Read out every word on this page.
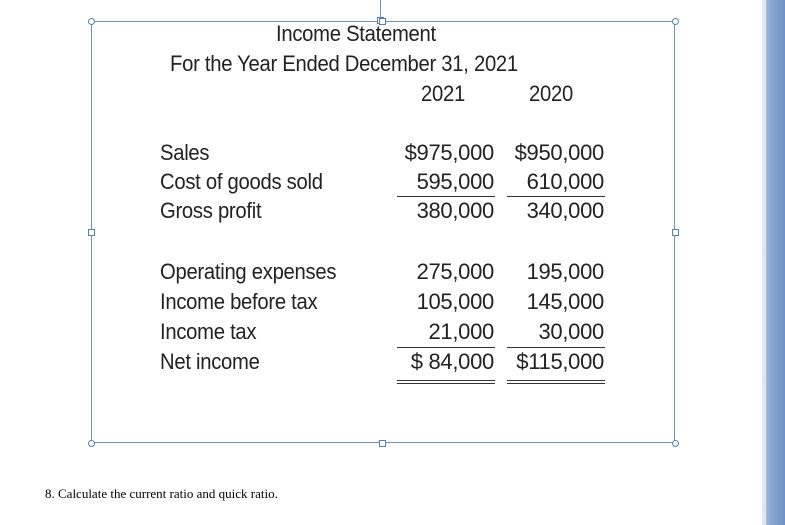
Income Statement
For the Year Ended December 31, 2021
2021	2020
Sales
Cost of goods sold
Gross profit
Operating expenses
Income before tax
Income tax
Net income
$975,000
595,000
380,000
275,000
105,000
21,000
$ 84,000
$950,000
610,000
340,000
195,000
145,000
30,000
$115,000
8. Calculate the current ratio and quick ratio.
